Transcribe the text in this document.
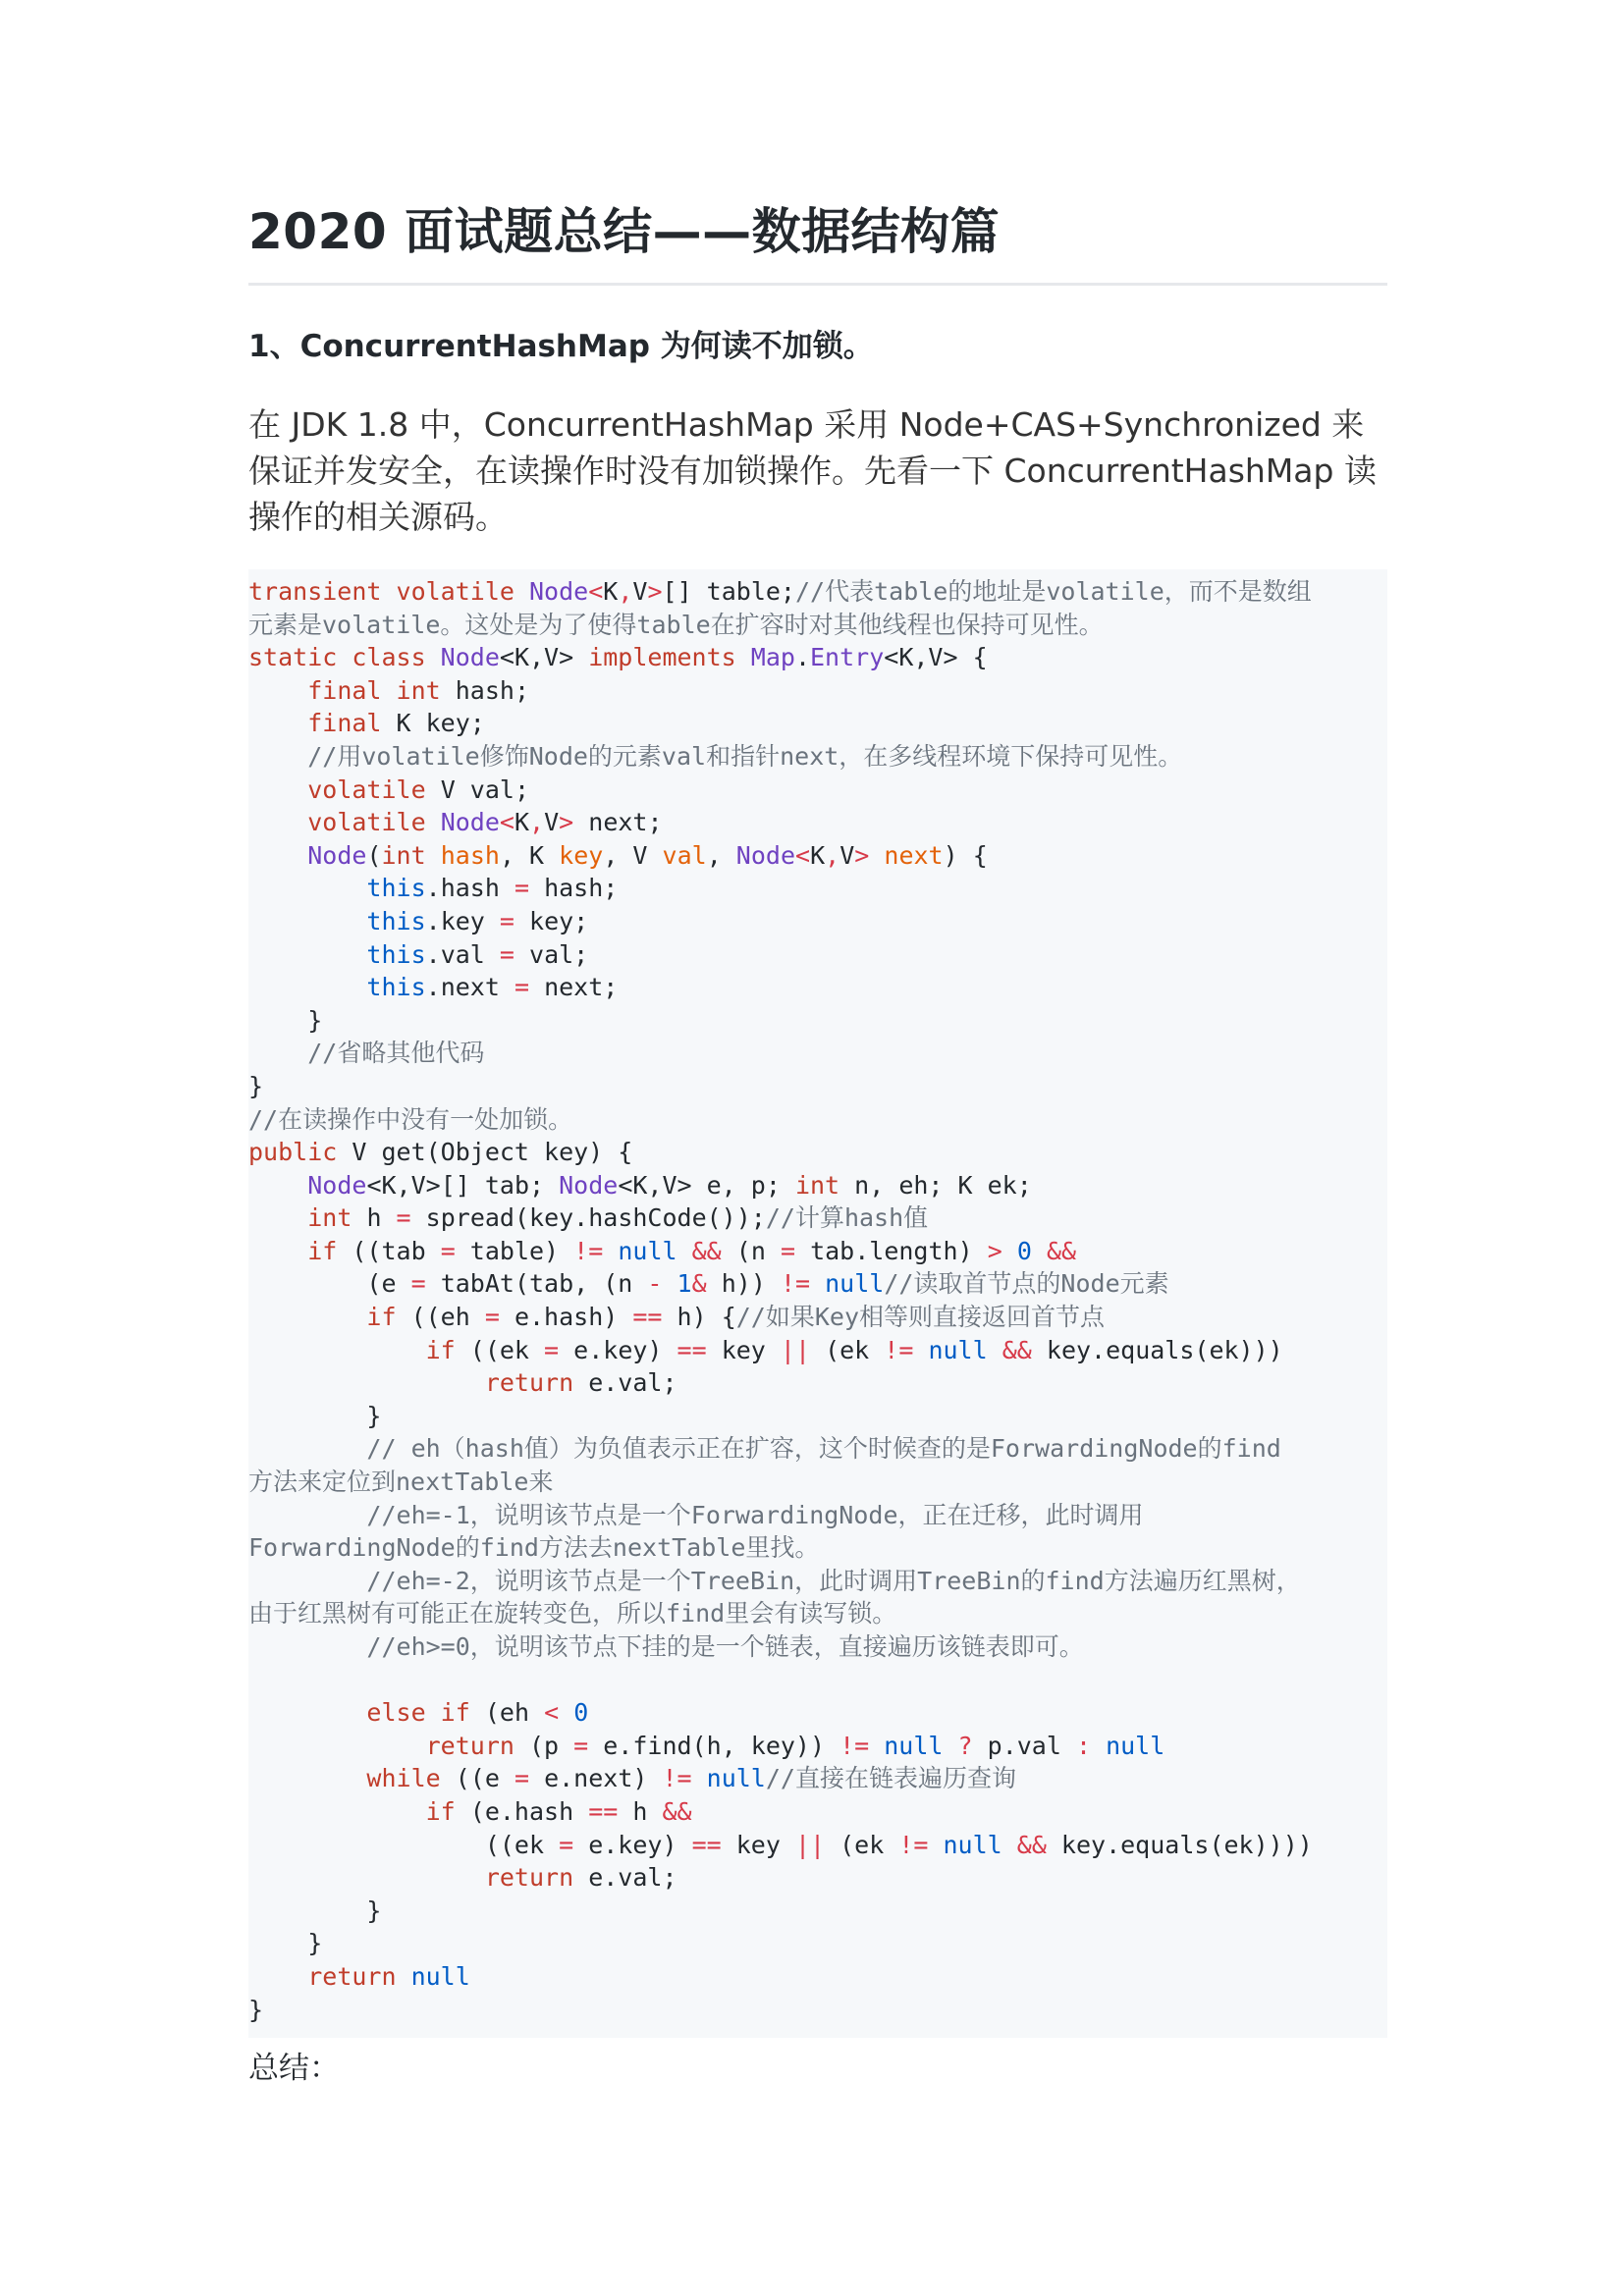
2020 面试题总结——数据结构篇
1、ConcurrentHashMap 为何读不加锁。
在 JDK 1.8 中，ConcurrentHashMap 采用 Node+CAS+Synchronized 来保证并发安全，在读操作时没有加锁操作。先看一下 ConcurrentHashMap 读操作的相关源码。
transient volatile Node<K,V>[] table;//代表table的地址是volatile，而不是数组
元素是volatile。这处是为了使得table在扩容时对其他线程也保持可见性。
static class Node<K,V> implements Map.Entry<K,V> {
final int hash;
final K key;
//用volatile修饰Node的元素val和指针next，在多线程环境下保持可见性。
volatile V val;
volatile Node<K,V> next;
Node(int hash, K key, V val, Node<K,V> next) {
this.hash = hash;
this.key = key;
this.val = val;
this.next = next;
}
//省略其他代码
}
//在读操作中没有一处加锁。
public V get(Object key) {
Node<K,V>[] tab; Node<K,V> e, p; int n, eh; K ek;
int h = spread(key.hashCode());//计算hash值
if ((tab = table) != null && (n = tab.length) > 0 &&
(e = tabAt(tab, (n - 1& h)) != null//读取首节点的Node元素
if ((eh = e.hash) == h) {//如果Key相等则直接返回首节点
if ((ek = e.key) == key || (ek != null && key.equals(ek)))
return e.val;
}
// eh（hash值）为负值表示正在扩容，这个时候查的是ForwardingNode的find
方法来定位到nextTable来
//eh=-1，说明该节点是一个ForwardingNode，正在迁移，此时调用
ForwardingNode的find方法去nextTable里找。
//eh=-2，说明该节点是一个TreeBin，此时调用TreeBin的find方法遍历红黑树，
由于红黑树有可能正在旋转变色，所以find里会有读写锁。
//eh>=0，说明该节点下挂的是一个链表，直接遍历该链表即可。

else if (eh < 0
return (p = e.find(h, key)) != null ? p.val : null
while ((e = e.next) != null//直接在链表遍历查询
if (e.hash == h &&
((ek = e.key) == key || (ek != null && key.equals(ek))))
return e.val;
}
}
return null
}
总结：
